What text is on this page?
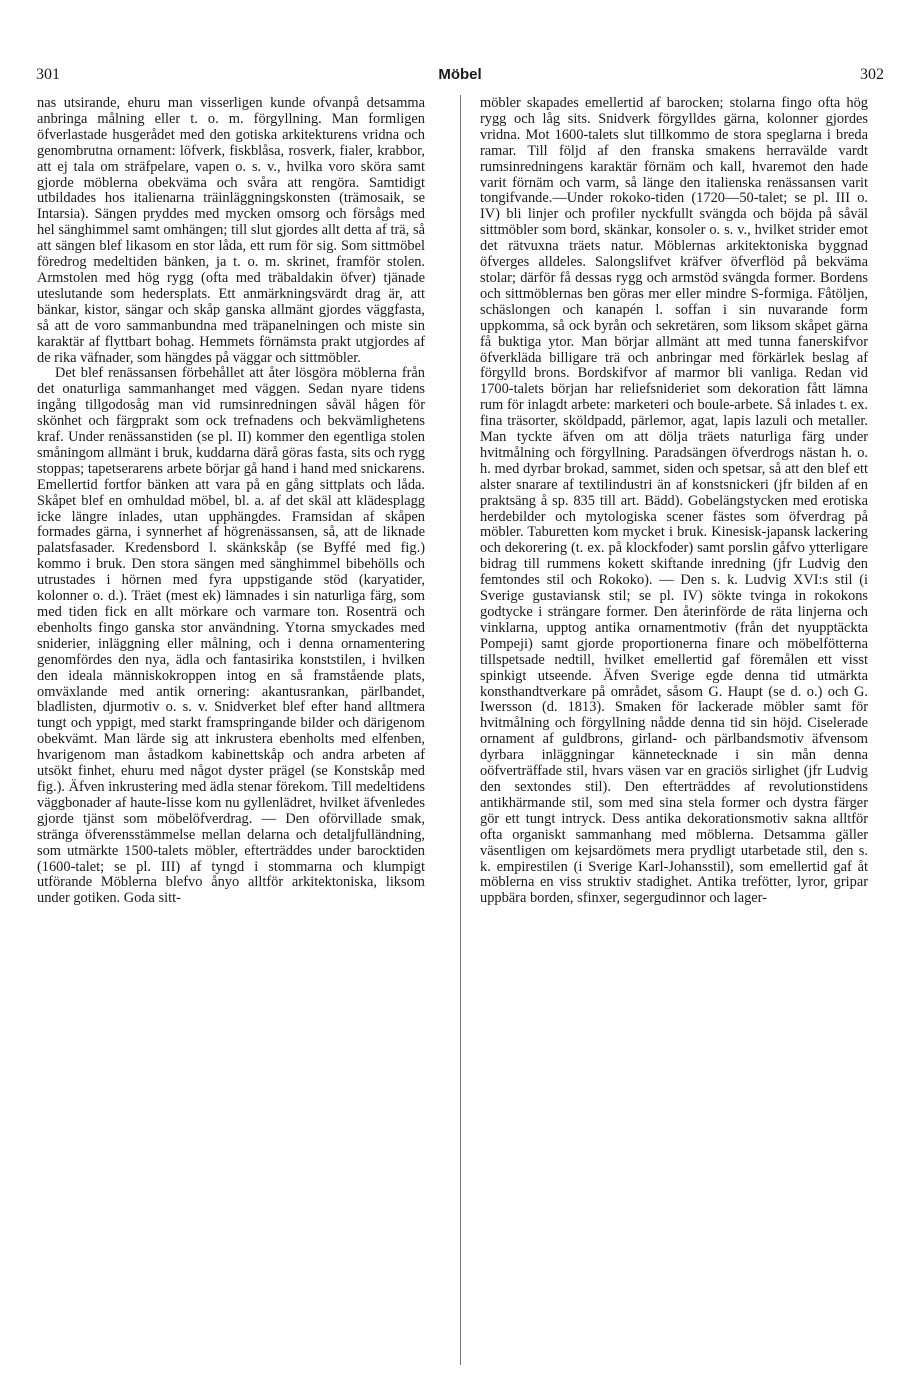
301	Möbel	302

nas utsirande, ehuru man visserligen kunde ofvanpå detsamma anbringa målning eller t. o. m. förgyllning. Man formligen öfverlastade husgerådet med den gotiska arkitekturens vridna och genombrutna ornament: löfverk, fiskblåsa, rosverk, fialer, krabbor, att ej tala om sträfpelare, vapen o. s. v., hvilka voro sköra samt gjorde möblerna obekväma och svåra att rengöra. Samtidigt utbildades hos italienarna träinläggningskonsten (trämosaik, se Intarsia). Sängen pryddes med mycken omsorg och försågs med hel sänghimmel samt omhängen; till slut gjordes allt detta af trä, så att sängen blef likasom en stor låda, ett rum för sig. Som sittmöbel föredrog medeltiden bänken, ja t. o. m. skrinet, framför stolen. Armstolen med hög rygg (ofta med träbaldakin öfver) tjänade uteslutande som hedersplats. Ett anmärkningsvärdt drag är, att bänkar, kistor, sängar och skåp ganska allmänt gjordes väggfasta, så att de voro sammanbundna med träpanelningen och miste sin karaktär af flyttbart bohag. Hemmets förnämsta prakt utgjordes af de rika väfnader, som hängdes på väggar och sittmöbler.

Det blef renässansen förbehållet att åter lösgöra möblerna från det onaturliga sammanhanget med väggen. Sedan nyare tidens ingång tillgodosåg man vid rumsinredningen såväl hågen för skönhet och färgprakt som ock trefnadens och bekvämlighetens kraf. Under renässanstiden (se pl. II) kommer den egentliga stolen småningom allmänt i bruk, kuddarna därå göras fasta, sits och rygg stoppas; tapetserarens arbete börjar gå hand i hand med snickarens. Emellertid fortfor bänken att vara på en gång sittplats och låda. Skåpet blef en omhuldad möbel, bl. a. af det skäl att klädesplagg icke längre inlades, utan upphängdes. Framsidan af skåpen formades gärna, i synnerhet af högrenässansen, så, att de liknade palatsfasader. Kredensbord l. skänkskåp (se Byffé med fig.) kommo i bruk. Den stora sängen med sänghimmel bibehölls och utrustades i hörnen med fyra uppstigande stöd (karyatider, kolonner o. d.). Träet (mest ek) lämnades i sin naturliga färg, som med tiden fick en allt mörkare och varmare ton. Rosenträ och ebenholts fingo ganska stor användning. Ytorna smyckades med sniderier, inläggning eller målning, och i denna ornamentering genomfördes den nya, ädla och fantasirika konststilen, i hvilken den ideala människokroppen intog en så framstående plats, omväxlande med antik ornering: akantusrankan, pärlbandet, bladlisten, djurmotiv o. s. v. Snidverket blef efter hand alltmera tungt och yppigt, med starkt framspringande bilder och därigenom obekvämt. Man lärde sig att inkrustera ebenholts med elfenben, hvarigenom man åstadkom kabinettskåp och andra arbeten af utsökt finhet, ehuru med något dyster prägel (se Konstskåp med fig.). Äfven inkrustering med ädla stenar förekom. Till medeltidens väggbonader af haute-lisse kom nu gyllenlädret, hvilket äfvenledes gjorde tjänst som möbelöfverdrag. — Den oförvillade smak, stränga öfverensstämmelse mellan delarna och detaljfulländning, som utmärkte 1500-talets möbler, efterträddes under barocktiden (1600-talet; se pl. III) af tyngd i stommarna och klumpigt utförande Möblerna blefvo ånyo alltför arkitektoniska, liksom under gotiken. Goda sitt-

möbler skapades emellertid af barocken; stolarna fingo ofta hög rygg och låg sits. Snidverk förgylldes gärna, kolonner gjordes vridna. Mot 1600-talets slut tillkommo de stora speglarna i breda ramar. Till följd af den franska smakens herravälde vardt rumsinredningens karaktär förnäm och kall, hvaremot den hade varit förnäm och varm, så länge den italienska renässansen varit tongifvande.—Under rokoko-tiden (1720—50-talet; se pl. III o. IV) bli linjer och profiler nyckfullt svängda och böjda på såväl sittmöbler som bord, skänkar, konsoler o. s. v., hvilket strider emot det rätvuxna träets natur. Möblernas arkitektoniska byggnad öfverges alldeles. Salongslifvet kräfver öfverflöd på bekväma stolar; därför få dessas rygg och armstöd svängda former. Bordens och sittmöblernas ben göras mer eller mindre S-formiga. Fåtöljen, schäslongen och kanapén l. soffan i sin nuvarande form uppkomma, så ock byrån och sekretären, som liksom skåpet gärna få buktiga ytor. Man börjar allmänt att med tunna fanerskifvor öfverkläda billigare trä och anbringar med förkärlek beslag af förgylld brons. Bordskifvor af marmor bli vanliga. Redan vid 1700-talets början har reliefsnideriet som dekoration fått lämna rum för inlagdt arbete: marketeri och boule-arbete. Så inlades t. ex. fina träsorter, sköldpadd, pärlemor, agat, lapis lazuli och metaller. Man tyckte äfven om att dölja träets naturliga färg under hvitmålning och förgyllning. Paradsängen öfverdrogs nästan h. o. h. med dyrbar brokad, sammet, siden och spetsar, så att den blef ett alster snarare af textilindustri än af konstsnickeri (jfr bilden af en praktsäng å sp. 835 till art. Bädd). Gobelängstycken med erotiska herdebilder och mytologiska scener fästes som öfverdrag på möbler. Taburetten kom mycket i bruk. Kinesisk-japansk lackering och dekorering (t. ex. på klockfoder) samt porslin gåfvo ytterligare bidrag till rummens kokett skiftande inredning (jfr Ludvig den femtondes stil och Rokoko). — Den s. k. Ludvig XVI:s stil (i Sverige gustaviansk stil; se pl. IV) sökte tvinga in rokokons godtycke i strängare former. Den återinförde de räta linjerna och vinklarna, upptog antika ornamentmotiv (från det nyupptäckta Pompeji) samt gjorde proportionerna finare och möbelfötterna tillspetsade nedtill, hvilket emellertid gaf föremålen ett visst spinkigt utseende. Äfven Sverige egde denna tid utmärkta konsthandtverkare på området, såsom G. Haupt (se d. o.) och G. Iwersson (d. 1813). Smaken för lackerade möbler samt för hvitmålning och förgyllning nådde denna tid sin höjd. Ciselerade ornament af guldbrons, girland- och pärlbandsmotiv äfvensom dyrbara inläggningar kännetecknade i sin mån denna oöfverträffade stil, hvars väsen var en graciös sirlighet (jfr Ludvig den sextondes stil). Den efterträddes af revolutionstidens antikhärmande stil, som med sina stela former och dystra färger gör ett tungt intryck. Dess antika dekorationsmotiv sakna alltför ofta organiskt sammanhang med möblerna. Detsamma gäller väsentligen om kejsardömets mera prydligt utarbetade stil, den s. k. empirestilen (i Sverige Karl-Johansstil), som emellertid gaf åt möblerna en viss struktiv stadighet. Antika trefötter, lyror, gripar uppbära borden, sfinxer, segergudinnor och lager-
